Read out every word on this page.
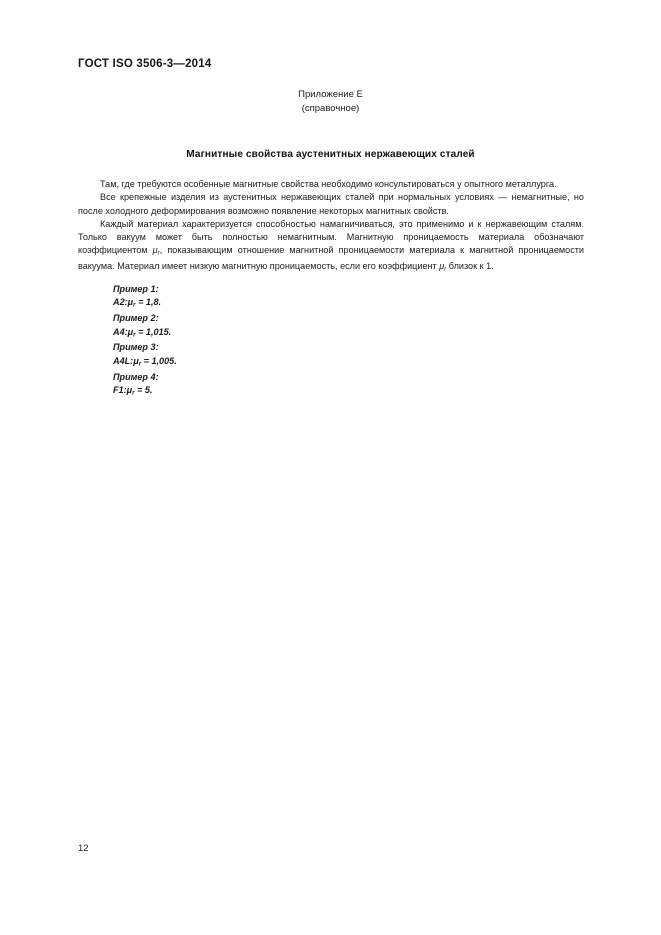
ГОСТ ISO 3506-3—2014
Приложение Е
(справочное)
Магнитные свойства аустенитных нержавеющих сталей

Там, где требуются особенные магнитные свойства необходимо консультироваться у опытного металлурга.

Все крепежные изделия из аустенитных нержавеющих сталей при нормальных условиях — немагнитные, но после холодного деформирования возможно появление некоторых магнитных свойств.

Каждый материал характеризуется способностью намагничиваться, это применимо и к нержавеющим сталям. Только вакуум может быть полностью немагнитным. Магнитную проницаемость материала обозначают коэффициентом $\mu_r$, показывающим отношение магнитной проницаемости материала к магнитной проницаемости вакуума. Материал имеет низкую магнитную проницаемость, если его коэффициент $\mu_r$ близок к 1.

Пример 1:
$A2:\mu_r = 1,8$.
Пример 2:
$A4:\mu_r = 1,015$.
Пример 3:
$A4L:\mu_r = 1,005$.
Пример 4:
$F1:\mu_r = 5$.
12
